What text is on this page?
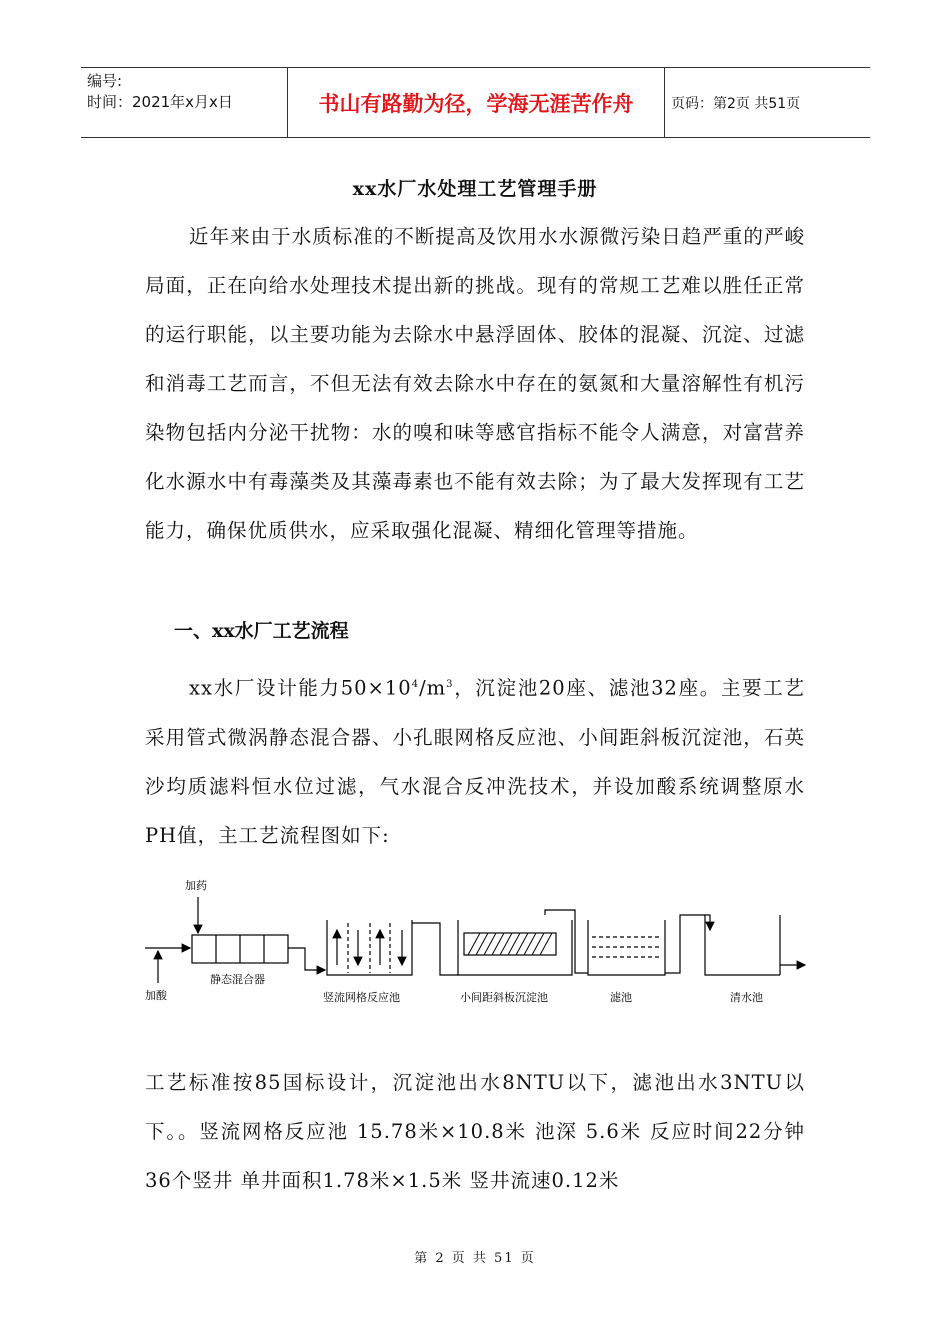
编号:
时间：2021年x月x日	书山有路勤为径，学海无涯苦作舟	页码：第2页 共51页
xx水厂水处理工艺管理手册
近年来由于水质标准的不断提高及饮用水水源微污染日趋严重的严峻局面，正在向给水处理技术提出新的挑战。现有的常规工艺难以胜任正常的运行职能，以主要功能为去除水中悬浮固体、胶体的混凝、沉淀、过滤和消毒工艺而言，不但无法有效去除水中存在的氨氮和大量溶解性有机污染物包括内分泌干扰物：水的嗅和味等感官指标不能令人满意，对富营养化水源水中有毒藻类及其藻毒素也不能有效去除；为了最大发挥现有工艺能力，确保优质供水，应采取强化混凝、精细化管理等措施。
一、xx水厂工艺流程
xx水厂设计能力$50\times 10^4/m^3$，沉淀池20座、滤池32座。主要工艺采用管式微涡静态混合器、小孔眼网格反应池、小间距斜板沉淀池，石英沙均质滤料恒水位过滤，气水混合反冲洗技术，并设加酸系统调整原水PH值，主工艺流程图如下:
加药
加酸
静态混合器
竖流网格反应池	小间距斜板沉淀池	滤池	清水池
工艺标准按85国标设计，沉淀池出水8NTU以下，滤池出水3NTU以下。。竖流网格反应池 15.78米×10.8米 池深 5.6米 反应时间22分钟 36个竖井 单井面积1.78米×1.5米 竖井流速0.12米
第 2 页 共 51 页
